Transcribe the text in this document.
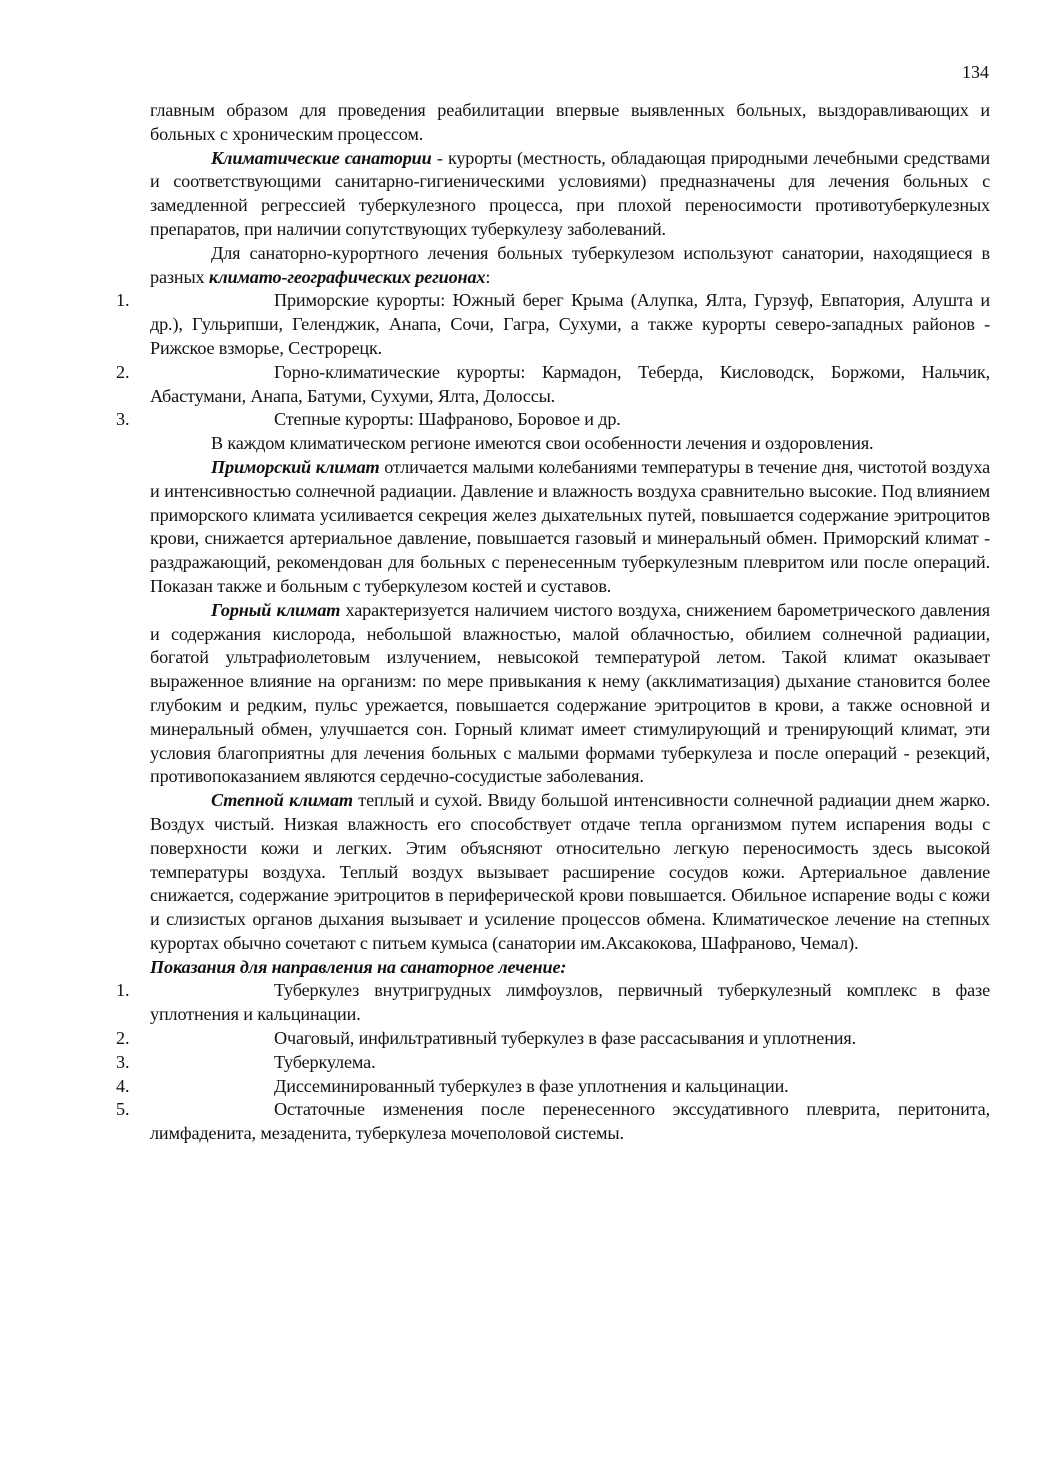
134

главным образом для проведения реабилитации впервые выявленных больных, выздоравливающих и больных с хроническим процессом.

Климатические санатории - курорты (местность, обладающая природными лечебными средствами и соответствующими санитарно-гигиеническими условиями) предназначены для лечения больных с замедленной регрессией туберкулезного процесса, при плохой переносимости противотуберкулезных препаратов, при наличии сопутствующих туберкулезу заболеваний.

Для санаторно-курортного лечения больных туберкулезом используют санатории, находящиеся в разных климато-географических регионах:

1.	Приморские курорты: Южный берег Крыма (Алупка, Ялта, Гурзуф, Евпатория, Алушта и др.), Гульрипши, Геленджик, Анапа, Сочи, Гагра, Сухуми, а также курорты северо-западных районов - Рижское взморье, Сестрорецк.
2.	Горно-климатические курорты: Кармадон, Теберда, Кисловодск, Боржоми, Нальчик, Абастумани, Анапа, Батуми, Сухуми, Ялта, Долоссы.
3.	Степные курорты: Шафраново, Боровое и др.

В каждом климатическом регионе имеются свои особенности лечения и оздоровления.

Приморский климат отличается малыми колебаниями температуры в течение дня, чистотой воздуха и интенсивностью солнечной радиации. Давление и влажность воздуха сравнительно высокие. Под влиянием приморского климата усиливается секреция желез дыхательных путей, повышается содержание эритроцитов крови, снижается артериальное давление, повышается газовый и минеральный обмен. Приморский климат - раздражающий, рекомендован для больных с перенесенным туберкулезным плевритом или после операций. Показан также и больным с туберкулезом костей и суставов.

Горный климат характеризуется наличием чистого воздуха, снижением барометрического давления и содержания кислорода, небольшой влажностью, малой облачностью, обилием солнечной радиации, богатой ультрафиолетовым излучением, невысокой температурой летом. Такой климат оказывает выраженное влияние на организм: по мере привыкания к нему (акклиматизация) дыхание становится более глубоким и редким, пульс урежается, повышается содержание эритроцитов в крови, а также основной и минеральный обмен, улучшается сон. Горный климат имеет стимулирующий и тренирующий климат, эти условия благоприятны для лечения больных с малыми формами туберкулеза и после операций - резекций, противопоказанием являются сердечно-сосудистые заболевания.

Степной климат теплый и сухой. Ввиду большой интенсивности солнечной радиации днем жарко. Воздух чистый. Низкая влажность его способствует отдаче тепла организмом путем испарения воды с поверхности кожи и легких. Этим объясняют относительно легкую переносимость здесь высокой температуры воздуха. Теплый воздух вызывает расширение сосудов кожи. Артериальное давление снижается, содержание эритроцитов в периферической крови повышается. Обильное испарение воды с кожи и слизистых органов дыхания вызывает и усиление процессов обмена. Климатическое лечение на степных курортах обычно сочетают с питьем кумыса (санатории им.Аксакокова, Шафраново, Чемал).

Показания для направления на санаторное лечение:

1.	Туберкулез внутригрудных лимфоузлов, первичный туберкулезный комплекс в фазе уплотнения и кальцинации.
2.	Очаговый, инфильтративный туберкулез в фазе рассасывания и уплотнения.
3.	Туберкулема.
4.	Диссеминированный туберкулез в фазе уплотнения и кальцинации.
5.	Остаточные изменения после перенесенного экссудативного плеврита, перитонита, лимфаденита, мезаденита, туберкулеза мочеполовой системы.
